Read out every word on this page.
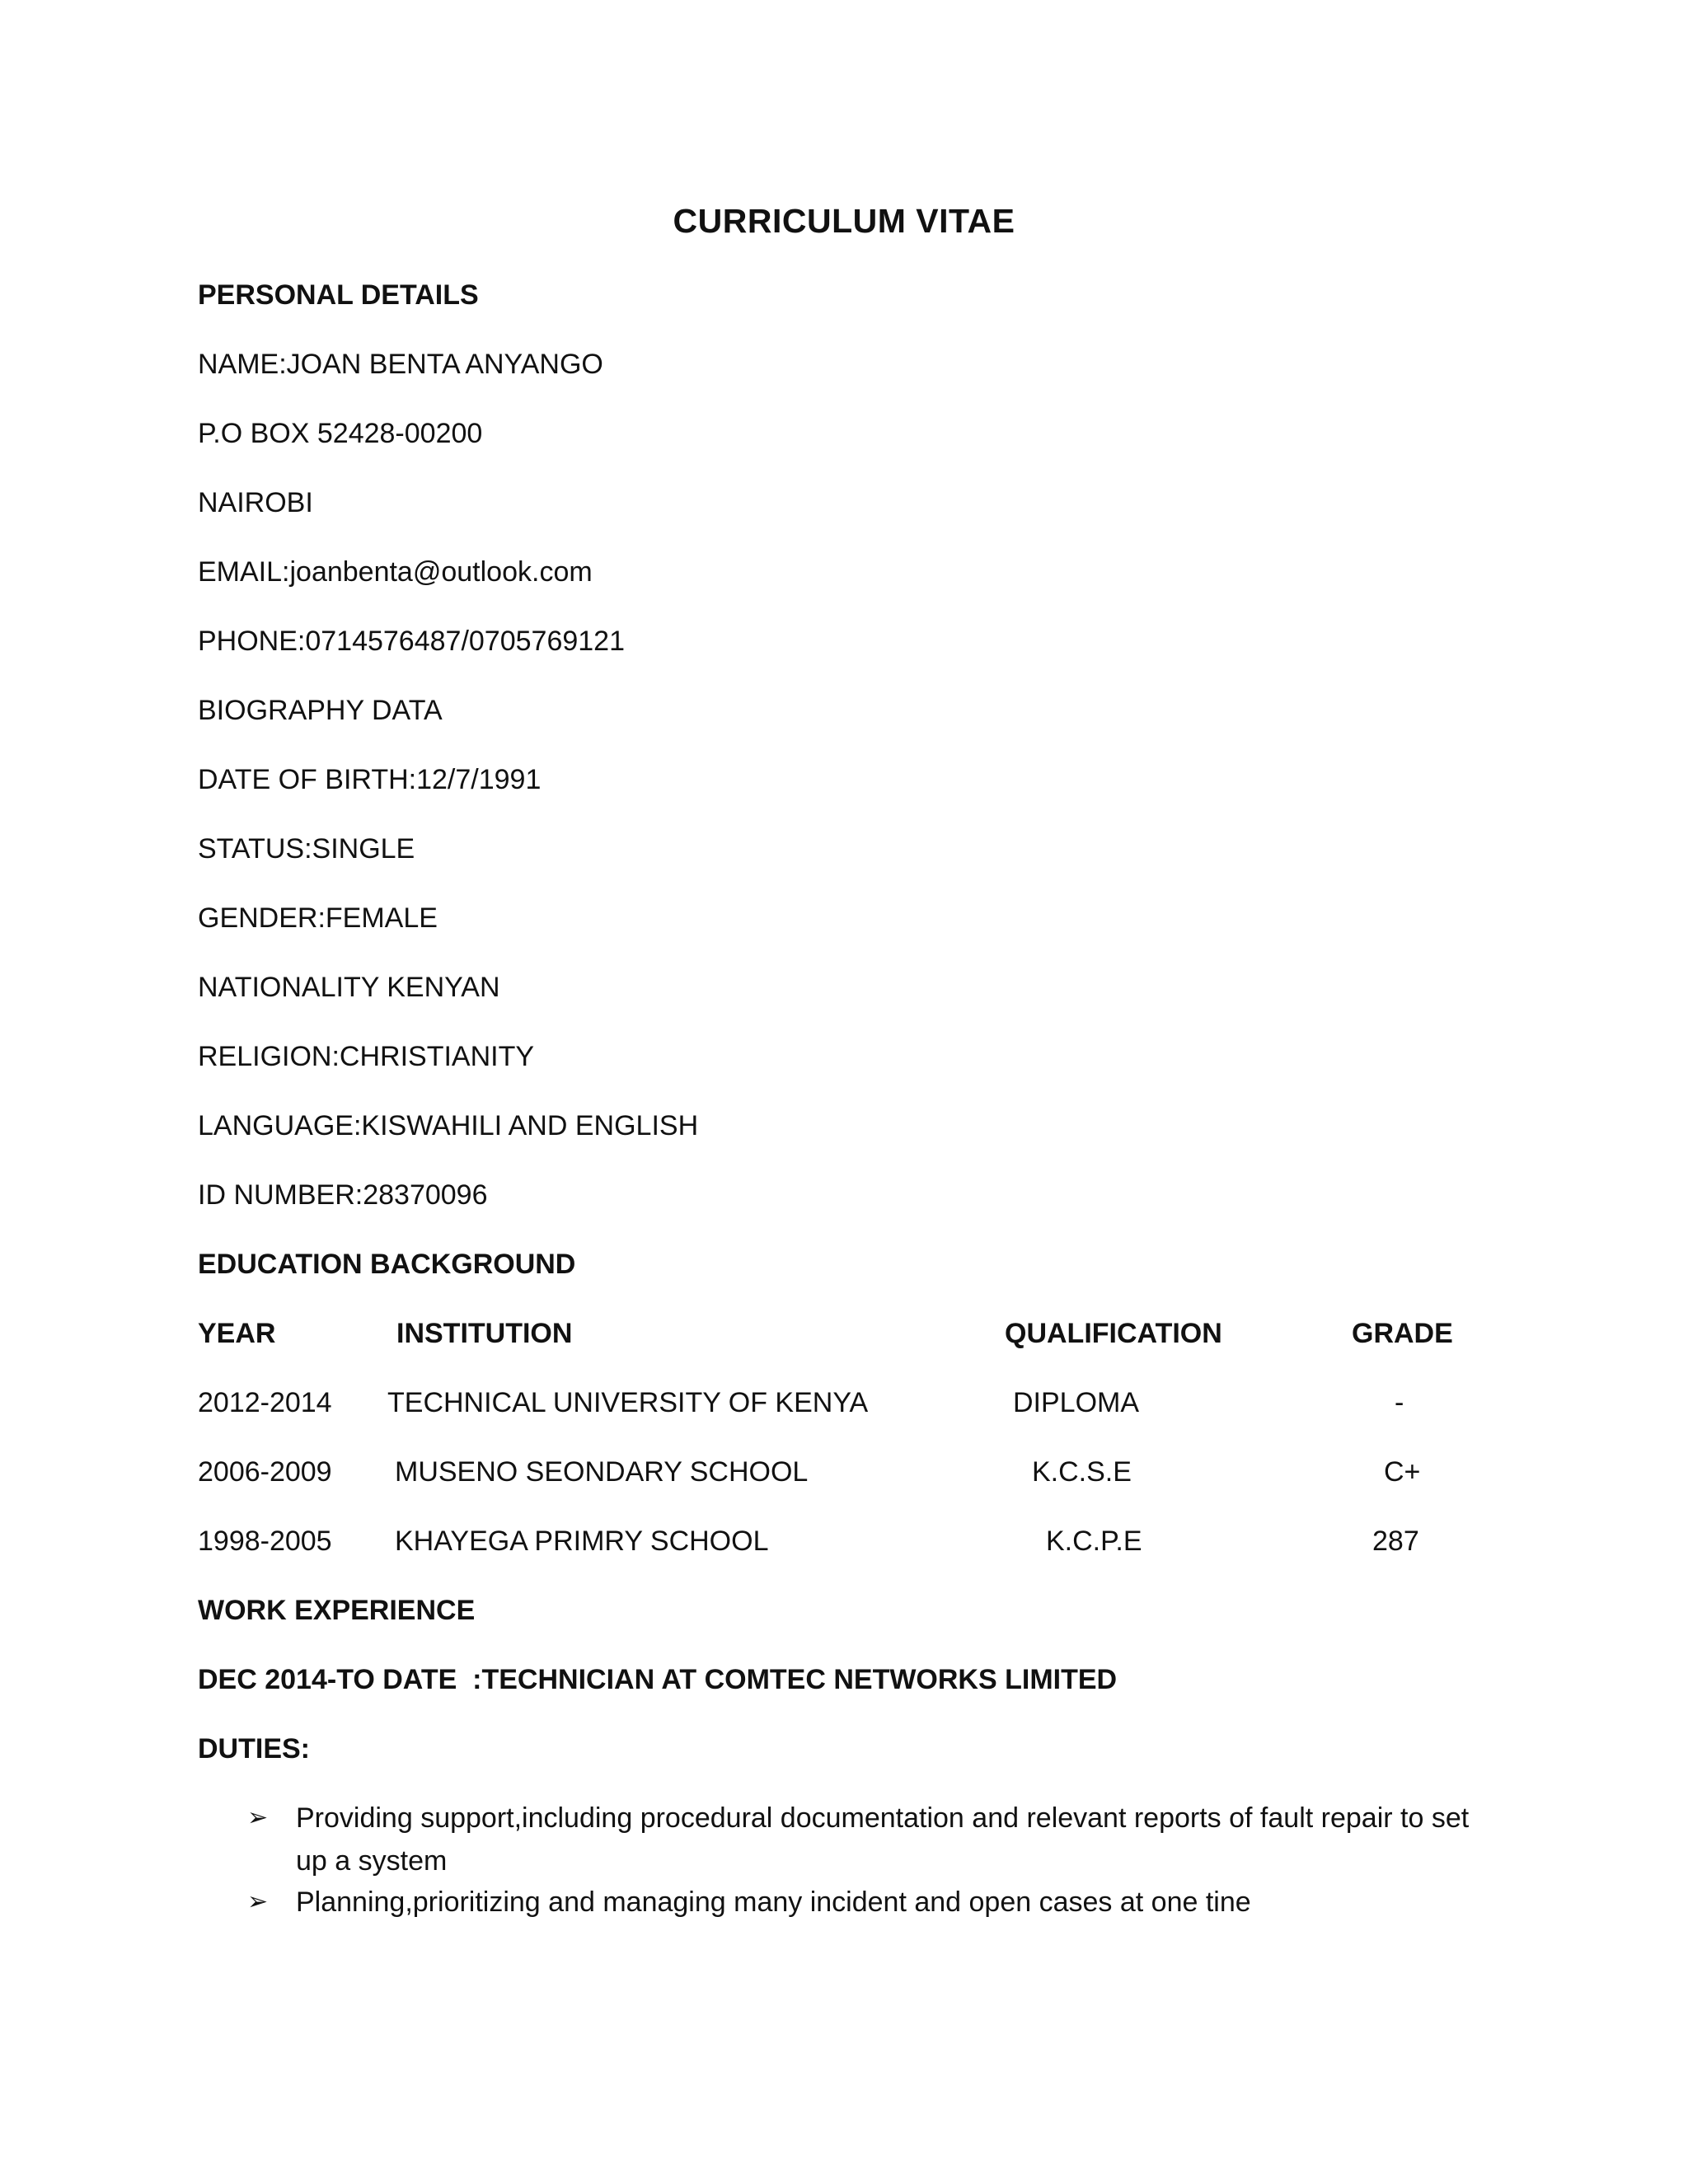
CURRICULUM VITAE
PERSONAL DETAILS
NAME:JOAN BENTA ANYANGO
P.O BOX 52428-00200
NAIROBI
EMAIL:joanbenta@outlook.com
PHONE:0714576487/0705769121
BIOGRAPHY DATA
DATE OF BIRTH:12/7/1991
STATUS:SINGLE
GENDER:FEMALE
NATIONALITY KENYAN
RELIGION:CHRISTIANITY
LANGUAGE:KISWAHILI AND ENGLISH
ID NUMBER:28370096
EDUCATION BACKGROUND
YEAR	INSTITUTION	QUALIFICATION	GRADE
2012-2014 TECHNICAL UNIVERSITY OF KENYA	DIPLOMA	-
2006-2009 MUSENO SEONDARY SCHOOL	K.C.S.E	C+
1998-2005 KHAYEGA PRIMRY SCHOOL	K.C.P.E	287
WORK EXPERIENCE
DEC 2014-TO DATE  :TECHNICIAN AT COMTEC NETWORKS LIMITED
DUTIES:
➢ Providing support,including procedural documentation and relevant reports of fault repair to set up a system
➢ Planning,prioritizing and managing many incident and open cases at one tine
